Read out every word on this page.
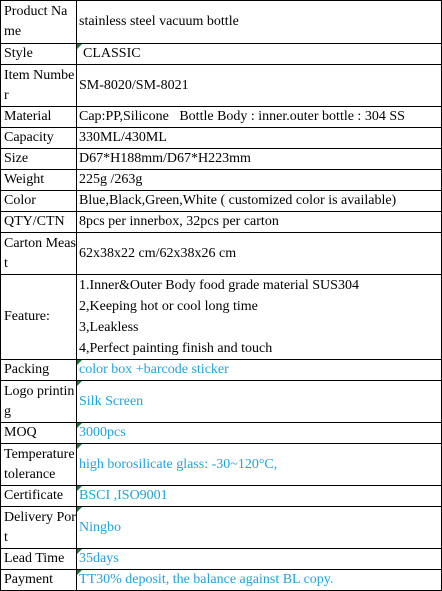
Product Name	stainless steel vacuum bottle
Style	CLASSIC
Item Number	SM-8020/SM-8021
Material	Cap:PP,Silicone   Bottle Body : inner.outer bottle : 304 SS
Capacity	330ML/430ML
Size	D67*H188mm/D67*H223mm
Weight	225g /263g
Color	Blue,Black,Green,White ( customized color is available)
QTY/CTN	8pcs per innerbox, 32pcs per carton
Carton Meast	62x38x22 cm/62x38x26 cm
Feature:	1.Inner&Outer Body food grade material SUS304
2,Keeping hot or cool long time
3,Leakless
4,Perfect painting finish and touch

Packing	color box +barcode sticker
Logo printing	Silk Screen
MOQ	3000pcs
Temperature tolerance	high borosilicate glass: -30~120°C,
Certificate	BSCI ,ISO9001
Delivery Port	Ningbo
Lead Time	35days
Payment	TT30% deposit, the balance against BL copy.
